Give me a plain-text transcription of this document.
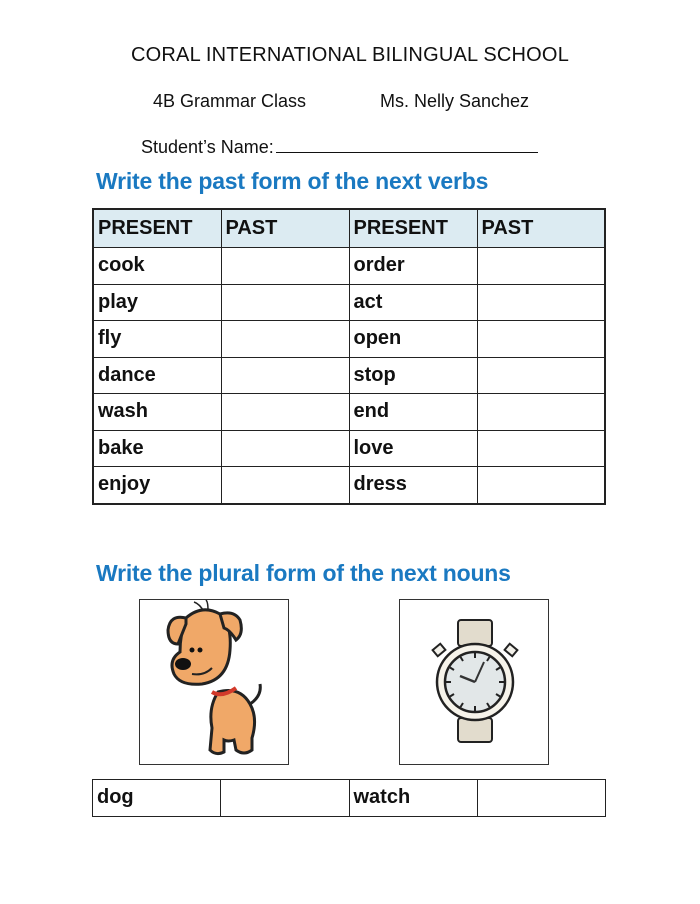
CORAL INTERNATIONAL BILINGUAL SCHOOL
4B Grammar Class	Ms. Nelly Sanchez
Student’s Name:
Write the past form of the next verbs
PRESENT	PAST	PRESENT	PAST
cook		order	
play		act	
fly		open	
dance		stop	
wash		end	
bake		love	
enjoy		dress	
Write the plural form of the next nouns
dog		watch	
